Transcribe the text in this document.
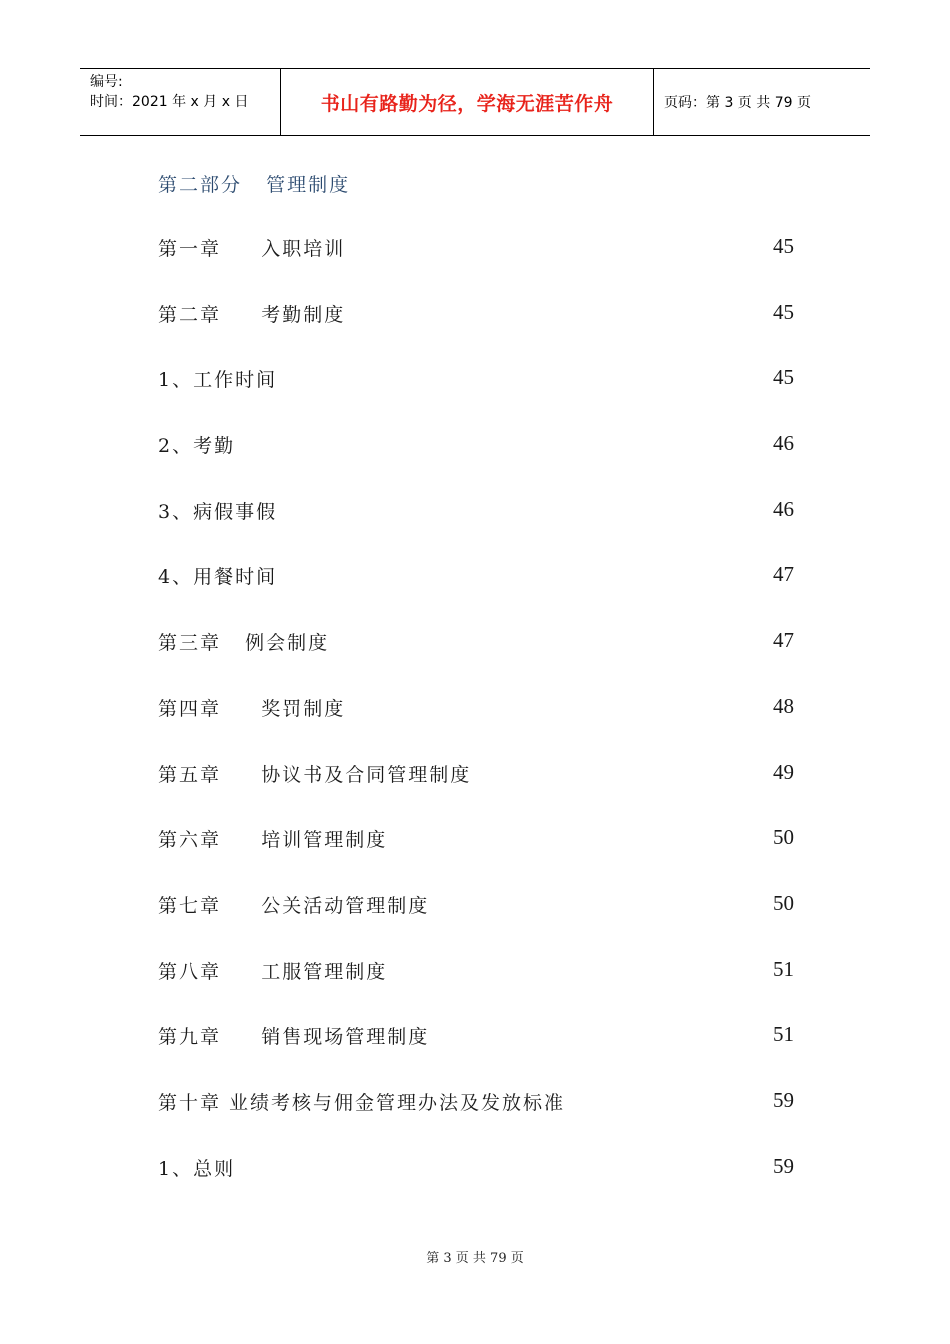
编号:
时间：2021 年 x 月 x 日	书山有路勤为径，学海无涯苦作舟	页码：第 3 页 共 79 页
第二部分   管理制度
第一章     入职培训	45
第二章     考勤制度	45
1、工作时间	45
2、考勤	46
3、病假事假	46
4、用餐时间	47
第三章   例会制度	47
第四章     奖罚制度	48
第五章     协议书及合同管理制度	49
第六章     培训管理制度	50
第七章     公关活动管理制度	50
第八章     工服管理制度	51
第九章     销售现场管理制度	51
第十章 业绩考核与佣金管理办法及发放标准	59
1、总则	59
第 3 页 共 79 页
